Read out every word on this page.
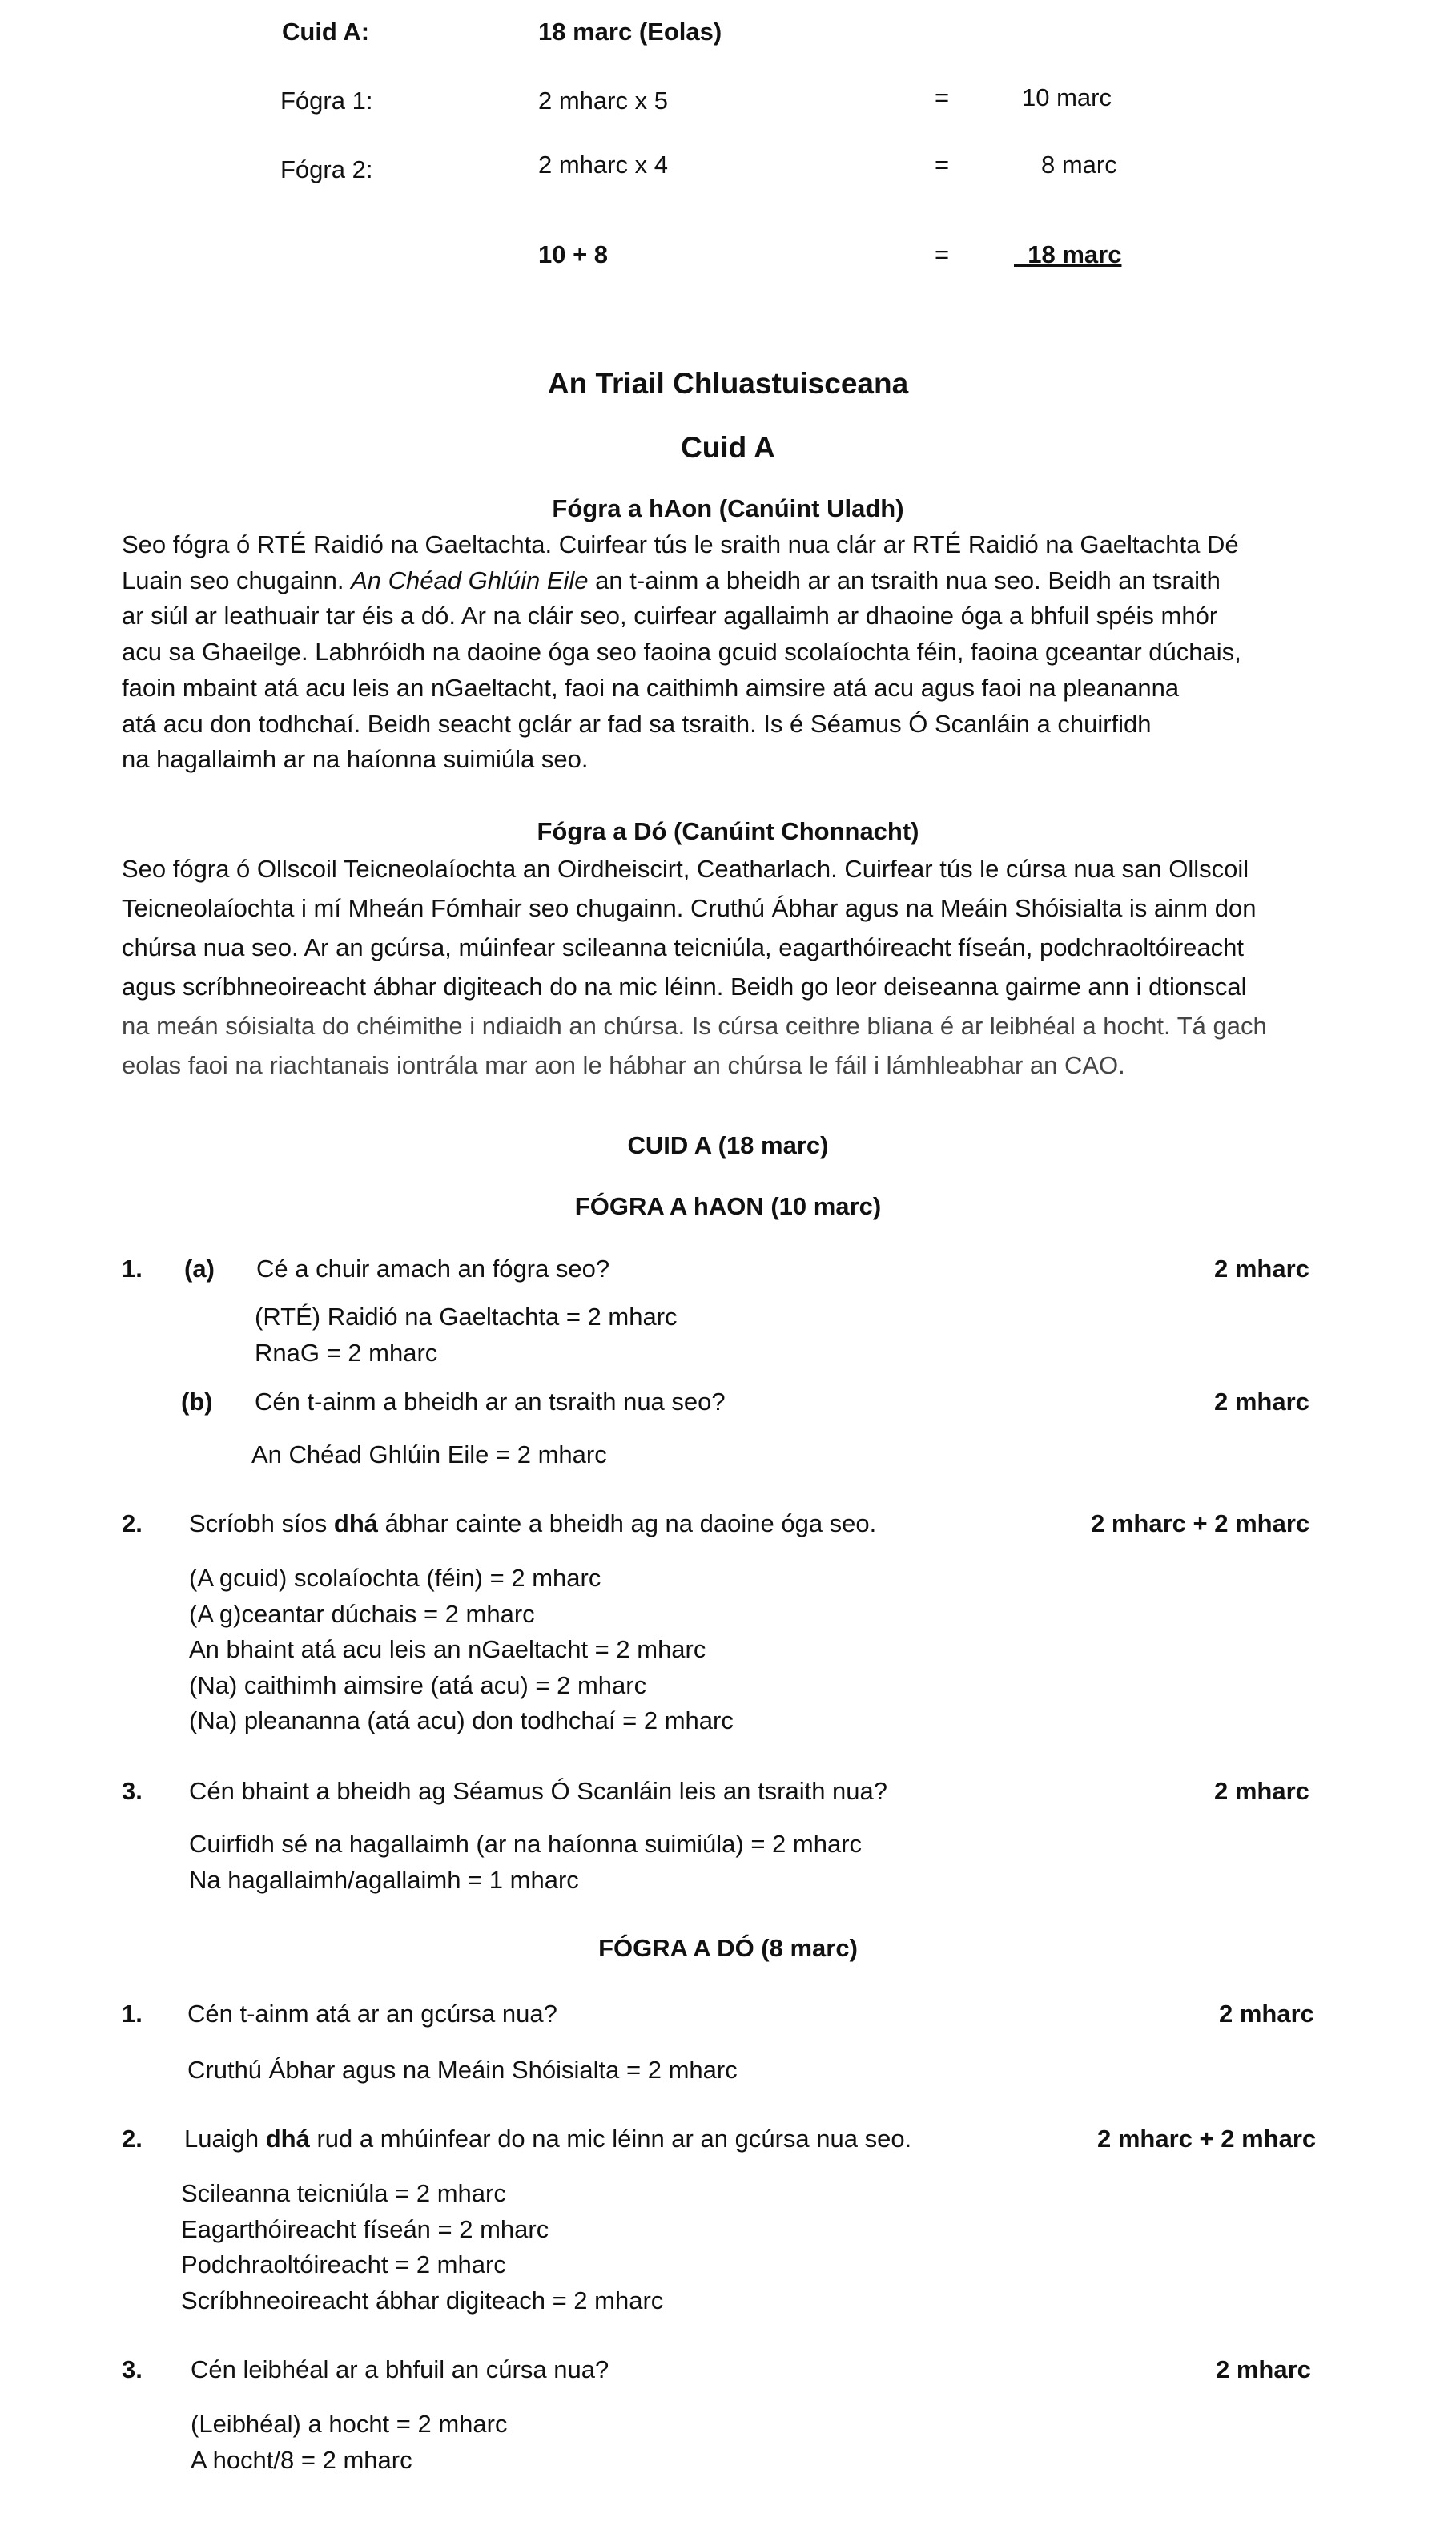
Cuid A:	18 marc (Eolas)
Fógra 1:	2 mharc x 5	=	10 marc
Fógra 2:	2 mharc x 4	=	8 marc
10 + 8	=	18 marc
An Triail Chluastuisceana
Cuid A
Fógra a hAon (Canúint Uladh)
Seo fógra ó RTÉ Raidió na Gaeltachta. Cuirfear tús le sraith nua clár ar RTÉ Raidió na Gaeltachta Dé
Luain seo chugainn. An Chéad Ghlúin Eile an t-ainm a bheidh ar an tsraith nua seo. Beidh an tsraith
ar siúl ar leathuair tar éis a dó. Ar na cláir seo, cuirfear agallaimh ar dhaoine óga a bhfuil spéis mhór
acu sa Ghaeilge. Labhróidh na daoine óga seo faoina gcuid scolaíochta féin, faoina gceantar dúchais,
faoin mbaint atá acu leis an nGaeltacht, faoi na caithimh aimsire atá acu agus faoi na pleananna
atá acu don todhchaí. Beidh seacht gclár ar fad sa tsraith. Is é Séamus Ó Scanláin a chuirfidh
na hagallaimh ar na haíonna suimiúla seo.
Fógra a Dó (Canúint Chonnacht)
Seo fógra ó Ollscoil Teicneolaíochta an Oirdheiscirt, Ceatharlach. Cuirfear tús le cúrsa nua san Ollscoil
Teicneolaíochta i mí Mheán Fómhair seo chugainn. Cruthú Ábhar agus na Meáin Shóisialta is ainm don
chúrsa nua seo. Ar an gcúrsa, múinfear scileanna teicniúla, eagarthóireacht físeán, podchraoltóireacht
agus scríbhneoireacht ábhar digiteach do na mic léinn. Beidh go leor deiseanna gairme ann i dtionscal
na meán sóisialta do chéimithe i ndiaidh an chúrsa. Is cúrsa ceithre bliana é ar leibhéal a hocht. Tá gach
eolas faoi na riachtanais iontrála mar aon le hábhar an chúrsa le fáil i lámhleabhar an CAO.
CUID A (18 marc)
FÓGRA A hAON (10 marc)
1. (a) Cé a chuir amach an fógra seo?	2 mharc
(RTÉ) Raidió na Gaeltachta = 2 mharc
RnaG = 2 mharc
(b) Cén t-ainm a bheidh ar an tsraith nua seo?	2 mharc
An Chéad Ghlúin Eile = 2 mharc
2. Scríobh síos dhá ábhar cainte a bheidh ag na daoine óga seo.	2 mharc + 2 mharc
(A gcuid) scolaíochta (féin) = 2 mharc
(A g)ceantar dúchais = 2 mharc
An bhaint atá acu leis an nGaeltacht = 2 mharc
(Na) caithimh aimsire (atá acu) = 2 mharc
(Na) pleananna (atá acu) don todhchaí = 2 mharc
3. Cén bhaint a bheidh ag Séamus Ó Scanláin leis an tsraith nua?	2 mharc
Cuirfidh sé na hagallaimh (ar na haíonna suimiúla) = 2 mharc
Na hagallaimh/agallaimh = 1 mharc
FÓGRA A DÓ (8 marc)
1. Cén t-ainm atá ar an gcúrsa nua?	2 mharc
Cruthú Ábhar agus na Meáin Shóisialta = 2 mharc
2. Luaigh dhá rud a mhúinfear do na mic léinn ar an gcúrsa nua seo.	2 mharc + 2 mharc
Scileanna teicniúla = 2 mharc
Eagarthóireacht físeán = 2 mharc
Podchraoltóireacht = 2 mharc
Scríbhneoireacht ábhar digiteach = 2 mharc
3. Cén leibhéal ar a bhfuil an cúrsa nua?	2 mharc
(Leibhéal) a hocht = 2 mharc
A hocht/8 = 2 mharc
